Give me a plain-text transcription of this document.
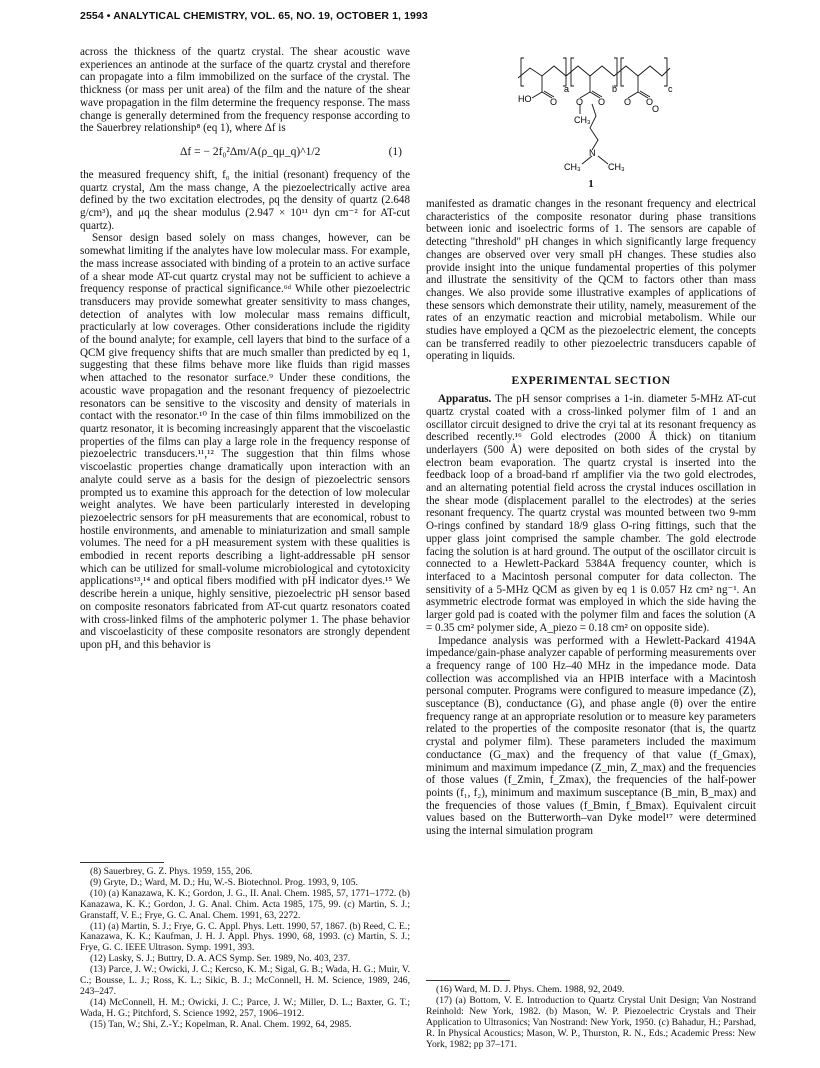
2554 • ANALYTICAL CHEMISTRY, VOL. 65, NO. 19, OCTOBER 1, 1993

across the thickness of the quartz crystal. The shear acoustic wave experiences an antinode at the surface of the quartz crystal and therefore can propagate into a film immobilized on the surface of the crystal. The thickness (or mass per unit area) of the film and the nature of the shear wave propagation in the film determine the frequency response. The mass change is generally determined from the frequency response according to the Sauerbrey relationship⁸ (eq 1), where Δf is

Δf = − 2f₀²Δm/A(ρ_qμ_q)^1/2	(1)

the measured frequency shift, f₀ the initial (resonant) frequency of the quartz crystal, Δm the mass change, A the piezoelectrically active area defined by the two excitation electrodes, ρq the density of quartz (2.648 g/cm³), and μq the shear modulus (2.947 × 10¹¹ dyn cm⁻² for AT-cut quartz).

Sensor design based solely on mass changes, however, can be somewhat limiting if the analytes have low molecular mass. For example, the mass increase associated with binding of a protein to an active surface of a shear mode AT-cut quartz crystal may not be sufficient to achieve a frequency response of practical significance.⁶ᵈ While other piezoelectric transducers may provide somewhat greater sensitivity to mass changes, detection of analytes with low molecular mass remains difficult, practicularly at low coverages. Other considerations include the rigidity of the bound analyte; for example, cell layers that bind to the surface of a QCM give frequency shifts that are much smaller than predicted by eq 1, suggesting that these films behave more like fluids than rigid masses when attached to the resonator surface.⁹ Under these conditions, the acoustic wave propagation and the resonant frequency of piezoelectric resonators can be sensitive to the viscosity and density of materials in contact with the resonator.¹⁰ In the case of thin films immobilized on the quartz resonator, it is becoming increasingly apparent that the viscoelastic properties of the films can play a large role in the frequency response of piezoelectric transducers.¹¹,¹² The suggestion that thin films whose viscoelastic properties change dramatically upon interaction with an analyte could serve as a basis for the design of piezoelectric sensors prompted us to examine this approach for the detection of low molecular weight analytes. We have been particularly interested in developing piezoelectric sensors for pH measurements that are economical, robust to hostile environments, and amenable to miniaturization and small sample volumes. The need for a pH measurement system with these qualities is embodied in recent reports describing a light-addressable pH sensor which can be utilized for small-volume microbiological and cytotoxicity applications¹³,¹⁴ and optical fibers modified with pH indicator dyes.¹⁵ We describe herein a unique, highly sensitive, piezoelectric pH sensor based on composite resonators fabricated from AT-cut quartz resonators coated with cross-linked films of the amphoteric polymer 1. The phase behavior and viscoelasticity of these composite resonators are strongly dependent upon pH, and this behavior is

(8) Sauerbrey, G. Z. Phys. 1959, 155, 206.

(9) Gryte, D.; Ward, M. D.; Hu, W.-S. Biotechnol. Prog. 1993, 9, 105.

(10) (a) Kanazawa, K. K.; Gordon, J. G., II. Anal. Chem. 1985, 57, 1771–1772. (b) Kanazawa, K. K.; Gordon, J. G. Anal. Chim. Acta 1985, 175, 99. (c) Martin, S. J.; Granstaff, V. E.; Frye, G. C. Anal. Chem. 1991, 63, 2272.

(11) (a) Martin, S. J.; Frye, G. C. Appl. Phys. Lett. 1990, 57, 1867. (b) Reed, C. E.; Kanazawa, K. K.; Kaufman, J. H. J. Appl. Phys. 1990, 68, 1993. (c) Martin, S. J.; Frye, G. C. IEEE Ultrason. Symp. 1991, 393.

(12) Lasky, S. J.; Buttry, D. A. ACS Symp. Ser. 1989, No. 403, 237.

(13) Parce, J. W.; Owicki, J. C.; Kercso, K. M.; Sigal, G. B.; Wada, H. G.; Muir, V. C.; Bousse, L. J.; Ross, K. L.; Sikic, B. J.; McConnell, H. M. Science, 1989, 246, 243–247.

(14) McConnell, H. M.; Owicki, J. C.; Parce, J. W.; Miller, D. L.; Baxter, G. T.; Wada, H. G.; Pitchford, S. Science 1992, 257, 1906–1912.

(15) Tan, W.; Shi, Z.-Y.; Kopelman, R. Anal. Chem. 1992, 64, 2985.

a	b	c
HO O O O O O
O
CH₃
N
CH₃	CH₃
1

manifested as dramatic changes in the resonant frequency and electrical characteristics of the composite resonator during phase transitions between ionic and isoelectric forms of 1. The sensors are capable of detecting "threshold" pH changes in which significantly large frequency changes are observed over very small pH changes. These studies also provide insight into the unique fundamental properties of this polymer and illustrate the sensitivity of the QCM to factors other than mass changes. We also provide some illustrative examples of applications of these sensors which demonstrate their utility, namely, measurement of the rates of an enzymatic reaction and microbial metabolism. While our studies have employed a QCM as the piezoelectric element, the concepts can be transferred readily to other piezoelectric transducers capable of operating in liquids.

EXPERIMENTAL SECTION

Apparatus. The pH sensor comprises a 1-in. diameter 5-MHz AT-cut quartz crystal coated with a cross-linked polymer film of 1 and an oscillator circuit designed to drive the cryi tal at its resonant frequency as described recently.¹⁶ Gold electrodes (2000 Å thick) on titanium underlayers (500 Å) were deposited on both sides of the crystal by electron beam evaporation. The quartz crystal is inserted into the feedback loop of a broad-band rf amplifier via the two gold electrodes, and an alternating potential field across the crystal induces oscillation in the shear mode (displacement parallel to the electrodes) at the series resonant frequency. The quartz crystal was mounted between two 9-mm O-rings confined by standard 18/9 glass O-ring fittings, such that the upper glass joint comprised the sample chamber. The gold electrode facing the solution is at hard ground. The output of the oscillator circuit is connected to a Hewlett-Packard 5384A frequency counter, which is interfaced to a Macintosh personal computer for data collecton. The sensitivity of a 5-MHz QCM as given by eq 1 is 0.057 Hz cm² ng⁻¹. An asymmetric electrode format was employed in which the side having the larger gold pad is coated with the polymer film and faces the solution (A = 0.35 cm² polymer side, A_piezo = 0.18 cm² on opposite side).

Impedance analysis was performed with a Hewlett-Packard 4194A impedance/gain-phase analyzer capable of performing measurements over a frequency range of 100 Hz–40 MHz in the impedance mode. Data collection was accomplished via an HPIB interface with a Macintosh personal computer. Programs were configured to measure impedance (Z), susceptance (B), conductance (G), and phase angle (θ) over the entire frequency range at an appropriate resolution or to measure key parameters related to the properties of the composite resonator (that is, the quartz crystal and polymer film). These parameters included the maximum conductance (G_max) and the frequency of that value (f_Gmax), minimum and maximum impedance (Z_min, Z_max) and the frequencies of those values (f_Zmin, f_Zmax), the frequencies of the half-power points (f₁, f₂), minimum and maximum susceptance (B_min, B_max) and the frequencies of those values (f_Bmin, f_Bmax). Equivalent circuit values based on the Butterworth–van Dyke model¹⁷ were determined using the internal simulation program

(16) Ward, M. D. J. Phys. Chem. 1988, 92, 2049.

(17) (a) Bottom, V. E. Introduction to Quartz Crystal Unit Design; Van Nostrand Reinhold: New York, 1982. (b) Mason, W. P. Piezoelectric Crystals and Their Application to Ultrasonics; Van Nostrand: New York, 1950. (c) Bahadur, H.; Parshad, R. In Physical Acoustics; Mason, W. P., Thurston, R. N., Eds.; Academic Press: New York, 1982; pp 37–171.
